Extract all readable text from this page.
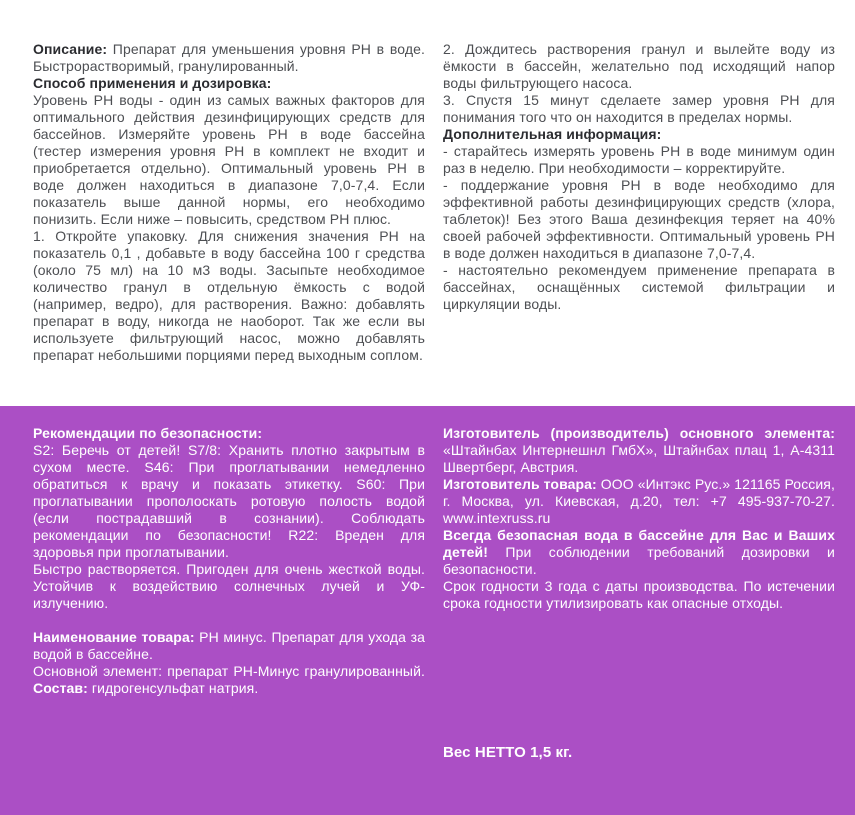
Описание: Препарат для уменьшения уровня PH в воде. Быстрорастворимый, гранулированный.

Способ применения и дозировка:

Уровень PH воды - один из самых важных факторов для оптимального действия дезинфицирующих средств для бассейнов. Измеряйте уровень PH в воде бассейна (тестер измерения уровня PH в комплект не входит и приобретается отдельно). Оптимальный уровень PH в воде должен находиться в диапазоне 7,0-7,4. Если показатель выше данной нормы, его необходимо понизить. Если ниже – повысить, средством PH плюс.

1. Откройте упаковку. Для снижения значения PH на показатель 0,1 , добавьте в воду бассейна 100 г средства (около 75 мл) на 10 м3 воды. Засыпьте необходимое количество гранул в отдельную ёмкость с водой (например, ведро), для растворения. Важно: добавлять препарат в воду, никогда не наоборот. Так же если вы используете фильтрующий насос, можно добавлять препарат небольшими порциями перед выходным соплом.

2. Дождитесь растворения гранул и вылейте воду из ёмкости в бассейн, желательно под исходящий напор воды фильтрующего насоса.

3. Спустя 15 минут сделаете замер уровня PH для понимания того что он находится в пределах нормы.

Дополнительная информация:

- старайтесь измерять уровень PH в воде минимум один раз в неделю. При необходимости – корректируйте.

- поддержание уровня PH в воде необходимо для эффективной работы дезинфицирующих средств (хлора, таблеток)! Без этого Ваша дезинфекция теряет на 40% своей рабочей эффективности. Оптимальный уровень PH в воде должен находиться в диапазоне 7,0-7,4.

- настоятельно рекомендуем применение препарата в бассейнах, оснащённых системой фильтрации и циркуляции воды.

Рекомендации по безопасности:

S2: Беречь от детей! S7/8: Хранить плотно закрытым в сухом месте. S46: При проглатывании немедленно обратиться к врачу и показать этикетку. S60: При проглатывании прополоскать ротовую полость водой (если пострадавший в сознании). Соблюдать рекомендации по безопасности! R22: Вреден для здоровья при проглатывании.

Быстро растворяется. Пригоден для очень жесткой воды. Устойчив к воздействию солнечных лучей и УФ-излучению.

Наименование товара: PH минус. Препарат для ухода за водой в бассейне.

Основной элемент: препарат PH-Минус гранулированный. Состав: гидрогенсульфат натрия.

Изготовитель (производитель) основного элемента: «Штайнбах Интернешнл ГмбХ», Штайнбах плац 1, A-4311 Швертберг, Австрия.

Изготовитель товара: ООО «Интэкс Рус.» 121165 Россия, г. Москва, ул. Киевская, д.20, тел: +7 495-937-70-27. www.intexruss.ru

Всегда безопасная вода в бассейне для Вас и Ваших детей! При соблюдении требований дозировки и безопасности.

Срок годности 3 года с даты производства. По истечении срока годности утилизировать как опасные отходы.

Вес НЕТТО 1,5 кг.
